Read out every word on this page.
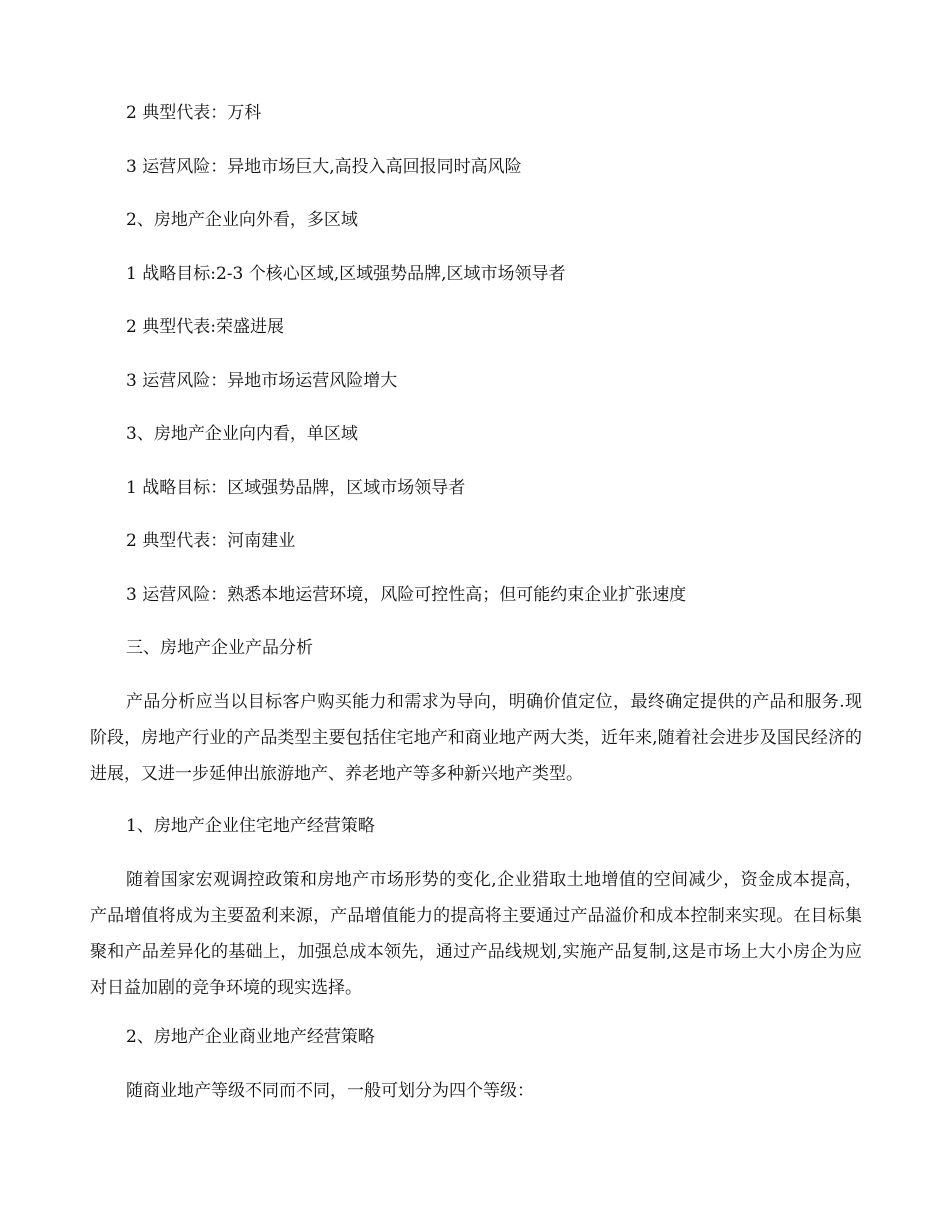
2 典型代表：万科
3 运营风险：异地市场巨大,高投入高回报同时高风险
2、房地产企业向外看，多区域
1 战略目标:2-3 个核心区域,区域强势品牌,区域市场领导者
2 典型代表:荣盛进展
3 运营风险：异地市场运营风险增大
3、房地产企业向内看，单区域
1 战略目标：区域强势品牌，区域市场领导者
2 典型代表：河南建业
3 运营风险：熟悉本地运营环境，风险可控性高；但可能约束企业扩张速度
三、房地产企业产品分析
产品分析应当以目标客户购买能力和需求为导向，明确价值定位，最终确定提供的产品和服务.现阶段，房地产行业的产品类型主要包括住宅地产和商业地产两大类，近年来,随着社会进步及国民经济的进展，又进一步延伸出旅游地产、养老地产等多种新兴地产类型。
1、房地产企业住宅地产经营策略
随着国家宏观调控政策和房地产市场形势的变化,企业猎取土地增值的空间减少，资金成本提高，产品增值将成为主要盈利来源，产品增值能力的提高将主要通过产品溢价和成本控制来实现。在目标集聚和产品差异化的基础上，加强总成本领先，通过产品线规划,实施产品复制,这是市场上大小房企为应对日益加剧的竞争环境的现实选择。
2、房地产企业商业地产经营策略
随商业地产等级不同而不同，一般可划分为四个等级：
